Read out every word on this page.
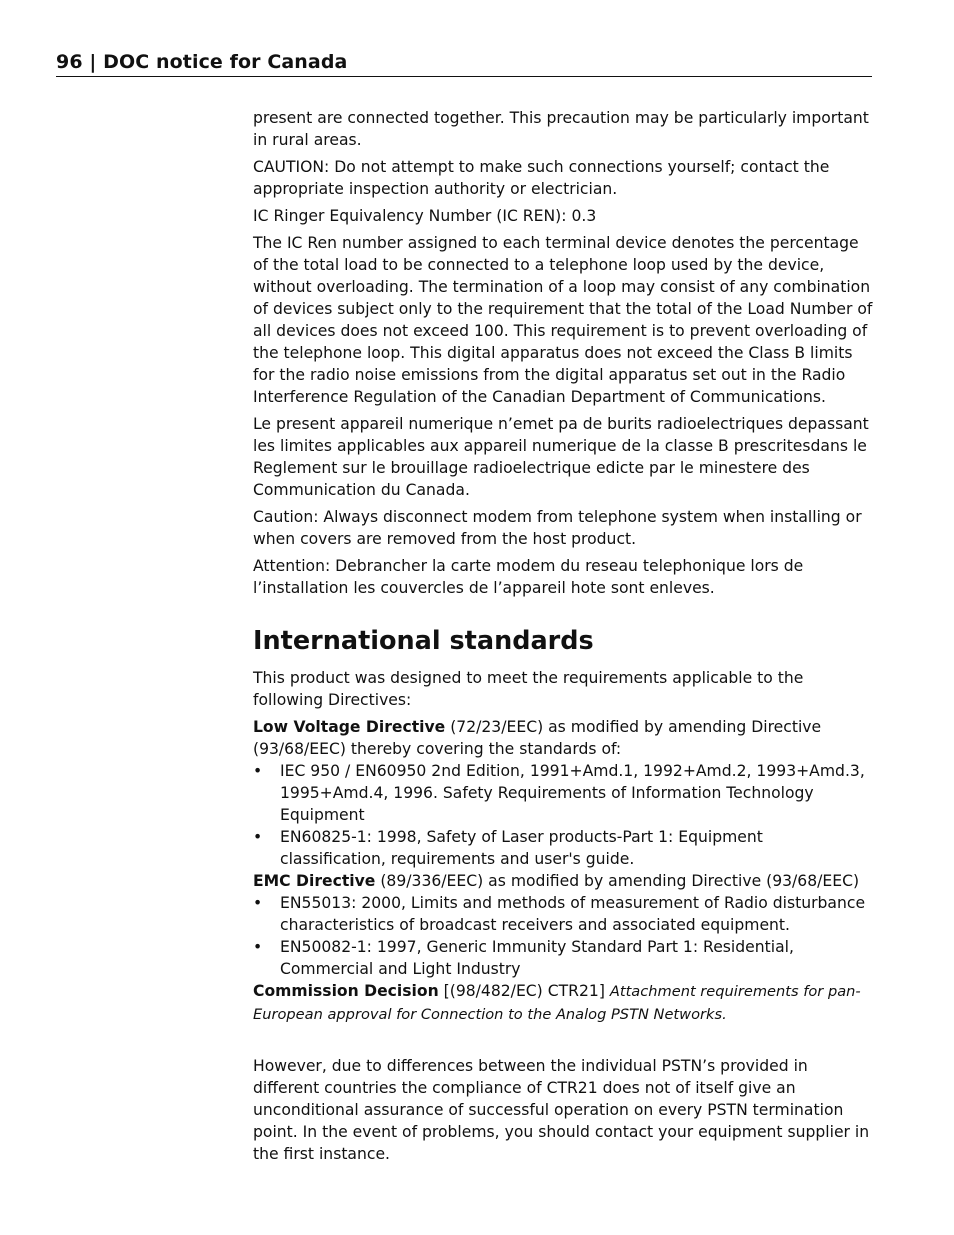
96 | DOC notice for Canada

present are connected together. This precaution may be particularly important in rural areas.

CAUTION: Do not attempt to make such connections yourself; contact the appropriate inspection authority or electrician.

IC Ringer Equivalency Number (IC REN): 0.3

The IC Ren number assigned to each terminal device denotes the percentage of the total load to be connected to a telephone loop used by the device, without overloading. The termination of a loop may consist of any combination of devices subject only to the requirement that the total of the Load Number of all devices does not exceed 100. This requirement is to prevent overloading of the telephone loop. This digital apparatus does not exceed the Class B limits for the radio noise emissions from the digital apparatus set out in the Radio Interference Regulation of the Canadian Department of Communications.

Le present appareil numerique n’emet pa de burits radioelectriques depassant les limites applicables aux appareil numerique de la classe B prescritesdans le Reglement sur le brouillage radioelectrique edicte par le minestere des Communication du Canada.

Caution: Always disconnect modem from telephone system when installing or when covers are removed from the host product.

Attention: Debrancher la carte modem du reseau telephonique lors de l’installation les couvercles de l’appareil hote sont enleves.

International standards

This product was designed to meet the requirements applicable to the following Directives:

Low Voltage Directive (72/23/EEC) as modified by amending Directive (93/68/EEC) thereby covering the standards of:

• IEC 950 / EN60950 2nd Edition, 1991+Amd.1, 1992+Amd.2, 1993+Amd.3, 1995+Amd.4, 1996. Safety Requirements of Information Technology Equipment
• EN60825-1: 1998, Safety of Laser products-Part 1: Equipment classification, requirements and user's guide.

EMC Directive (89/336/EEC) as modified by amending Directive (93/68/EEC)

• EN55013: 2000, Limits and methods of measurement of Radio disturbance characteristics of broadcast receivers and associated equipment.
• EN50082-1: 1997, Generic Immunity Standard Part 1: Residential, Commercial and Light Industry

Commission Decision [(98/482/EC) CTR21] Attachment requirements for pan-European approval for Connection to the Analog PSTN Networks.

However, due to differences between the individual PSTN’s provided in different countries the compliance of CTR21 does not of itself give an unconditional assurance of successful operation on every PSTN termination point. In the event of problems, you should contact your equipment supplier in the first instance.
